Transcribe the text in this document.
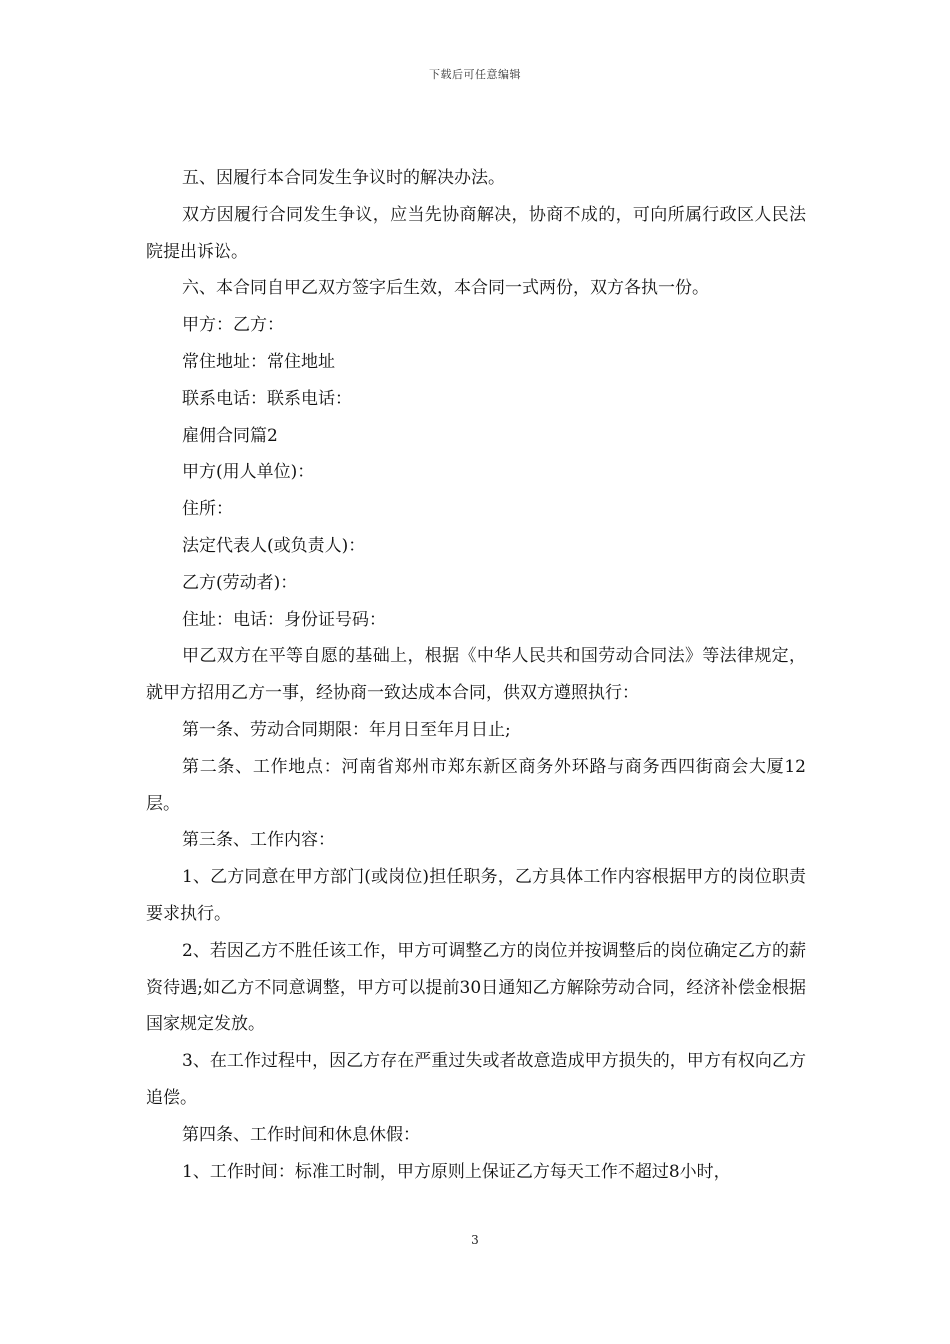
下载后可任意编辑

五、因履行本合同发生争议时的解决办法。

双方因履行合同发生争议，应当先协商解决，协商不成的，可向所属行政区人民法院提出诉讼。

六、本合同自甲乙双方签字后生效，本合同一式两份，双方各执一份。

甲方：乙方：

常住地址：常住地址

联系电话：联系电话：

雇佣合同篇2

甲方(用人单位)：

住所：

法定代表人(或负责人)：

乙方(劳动者)：

住址：电话：身份证号码：

甲乙双方在平等自愿的基础上，根据《中华人民共和国劳动合同法》等法律规定，就甲方招用乙方一事，经协商一致达成本合同，供双方遵照执行：

第一条、劳动合同期限：年月日至年月日止;

第二条、工作地点：河南省郑州市郑东新区商务外环路与商务西四街商会大厦12层。

第三条、工作内容：

1、乙方同意在甲方部门(或岗位)担任职务，乙方具体工作内容根据甲方的岗位职责要求执行。

2、若因乙方不胜任该工作，甲方可调整乙方的岗位并按调整后的岗位确定乙方的薪资待遇;如乙方不同意调整，甲方可以提前30日通知乙方解除劳动合同，经济补偿金根据国家规定发放。

3、在工作过程中，因乙方存在严重过失或者故意造成甲方损失的，甲方有权向乙方追偿。

第四条、工作时间和休息休假：

1、工作时间：标准工时制，甲方原则上保证乙方每天工作不超过8小时，

3
